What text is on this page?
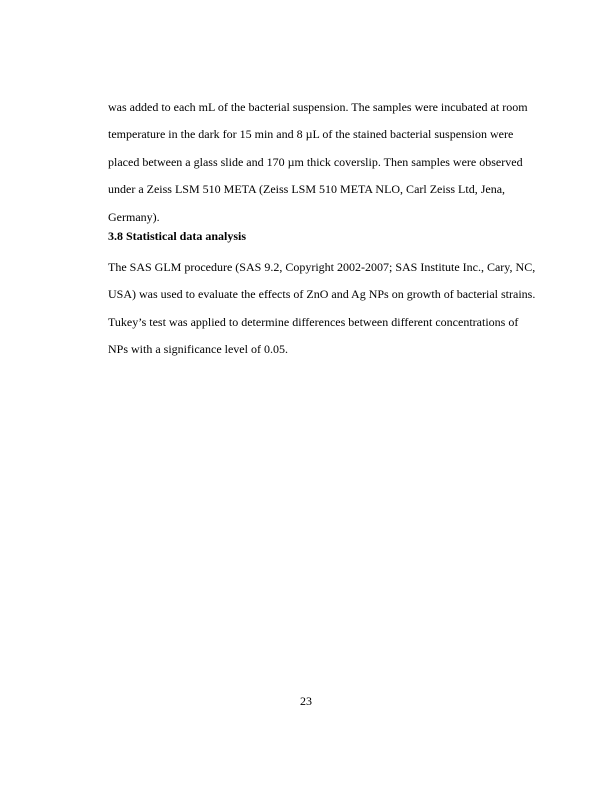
was added to each mL of the bacterial suspension. The samples were incubated at room
temperature in the dark for 15 min and 8 µL of the stained bacterial suspension were
placed between a glass slide and 170 µm thick coverslip. Then samples were observed
under a Zeiss LSM 510 META (Zeiss LSM 510 META NLO, Carl Zeiss Ltd, Jena,
Germany).
3.8 Statistical data analysis
The SAS GLM procedure (SAS 9.2, Copyright 2002-2007; SAS Institute Inc., Cary, NC,
USA) was used to evaluate the effects of ZnO and Ag NPs on growth of bacterial strains.
Tukey’s test was applied to determine differences between different concentrations of
NPs with a significance level of 0.05.
23
